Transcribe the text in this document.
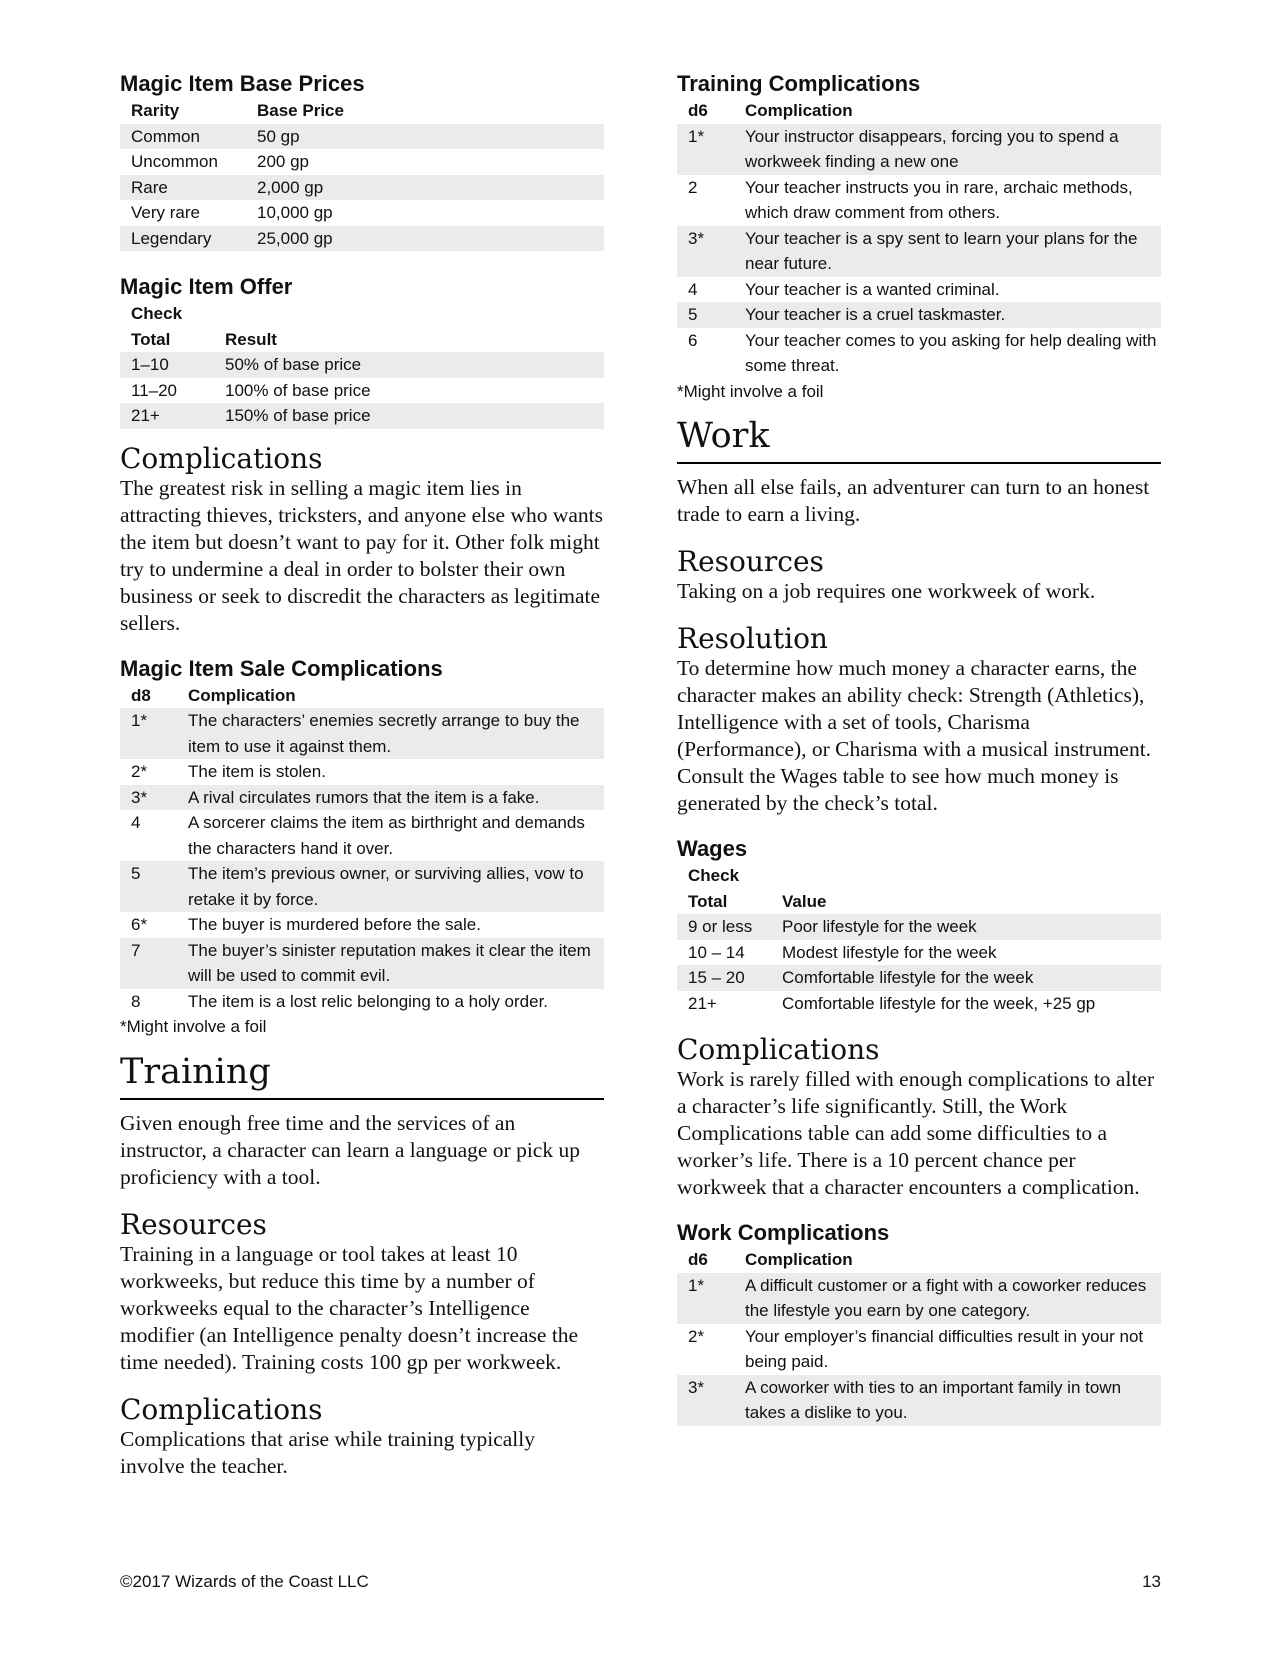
Magic Item Base Prices
Rarity	Base Price
Common	50 gp
Uncommon	200 gp
Rare	2,000 gp
Very rare	10,000 gp
Legendary	25,000 gp
Magic Item Offer
Check
Total	Result
1–10	50% of base price
11–20	100% of base price
21+	150% of base price
Complications

The greatest risk in selling a magic item lies in attracting thieves, tricksters, and anyone else who wants the item but doesn’t want to pay for it. Other folk might try to undermine a deal in order to bolster their own business or seek to discredit the characters as legitimate sellers.

Magic Item Sale Complications
d8	Complication
1*	The characters’ enemies secretly arrange to buy the item to use it against them.
2*	The item is stolen.
3*	A rival circulates rumors that the item is a fake.
4	A sorcerer claims the item as birthright and demands the characters hand it over.
5	The item’s previous owner, or surviving allies, vow to retake it by force.
6*	The buyer is murdered before the sale.
7	The buyer’s sinister reputation makes it clear the item will be used to commit evil.
8	The item is a lost relic belonging to a holy order.

*Might involve a foil

Training

Given enough free time and the services of an instructor, a character can learn a language or pick up proficiency with a tool.

Resources

Training in a language or tool takes at least 10 workweeks, but reduce this time by a number of workweeks equal to the character’s Intelligence modifier (an Intelligence penalty doesn’t increase the time needed). Training costs 100 gp per workweek.

Complications

Complications that arise while training typically involve the teacher.

Training Complications
d6	Complication
1*	Your instructor disappears, forcing you to spend a workweek finding a new one
2	Your teacher instructs you in rare, archaic methods, which draw comment from others.
3*	Your teacher is a spy sent to learn your plans for the near future.
4	Your teacher is a wanted criminal.
5	Your teacher is a cruel taskmaster.
6	Your teacher comes to you asking for help dealing with some threat.

*Might involve a foil

Work

When all else fails, an adventurer can turn to an honest trade to earn a living.

Resources

Taking on a job requires one workweek of work.

Resolution

To determine how much money a character earns, the character makes an ability check: Strength (Athletics), Intelligence with a set of tools, Charisma (Performance), or Charisma with a musical instrument. Consult the Wages table to see how much money is generated by the check’s total.

Wages
Check
Total	Value
9 or less	Poor lifestyle for the week
10 – 14	Modest lifestyle for the week
15 – 20	Comfortable lifestyle for the week
21+	Comfortable lifestyle for the week, +25 gp
Complications

Work is rarely filled with enough complications to alter a character’s life significantly. Still, the Work Complications table can add some difficulties to a worker’s life. There is a 10 percent chance per workweek that a character encounters a complication.

Work Complications
d6	Complication
1*	A difficult customer or a fight with a coworker reduces the lifestyle you earn by one category.
2*	Your employer’s financial difficulties result in your not being paid.
3*	A coworker with ties to an important family in town takes a dislike to you.
©2017 Wizards of the Coast LLC	13
